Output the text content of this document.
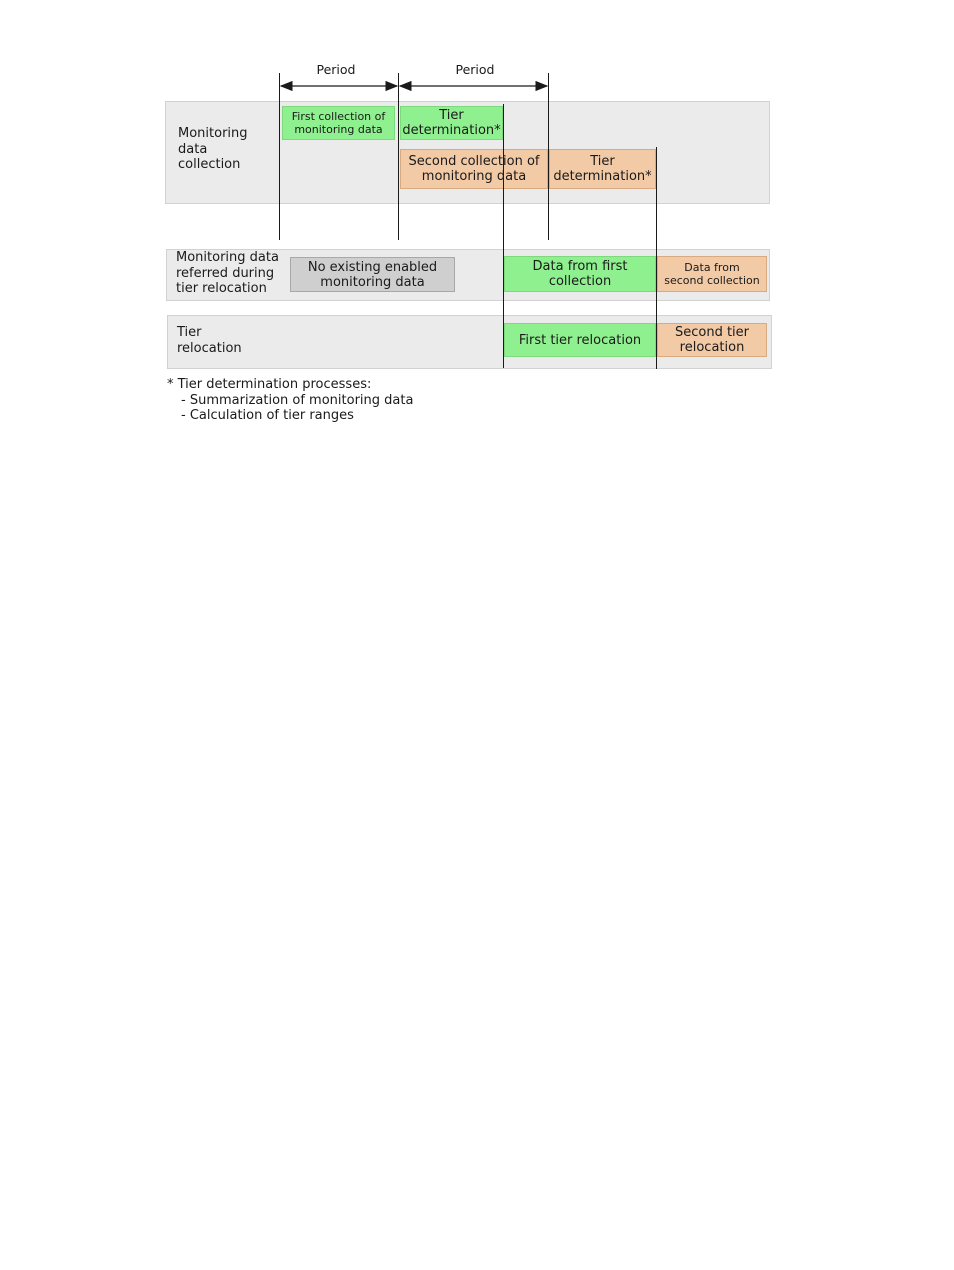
Period	Period
Monitoring
data
collection
First collection of
monitoring data
Tier
determination*
Second collection of
monitoring data
Tier
determination*
Monitoring data
referred during
tier relocation
No existing enabled
monitoring data
Data from first
collection
Data from
second collection
Tier
relocation
First tier relocation	Second tier
relocation
* Tier determination processes:
- Summarization of monitoring data
- Calculation of tier ranges
